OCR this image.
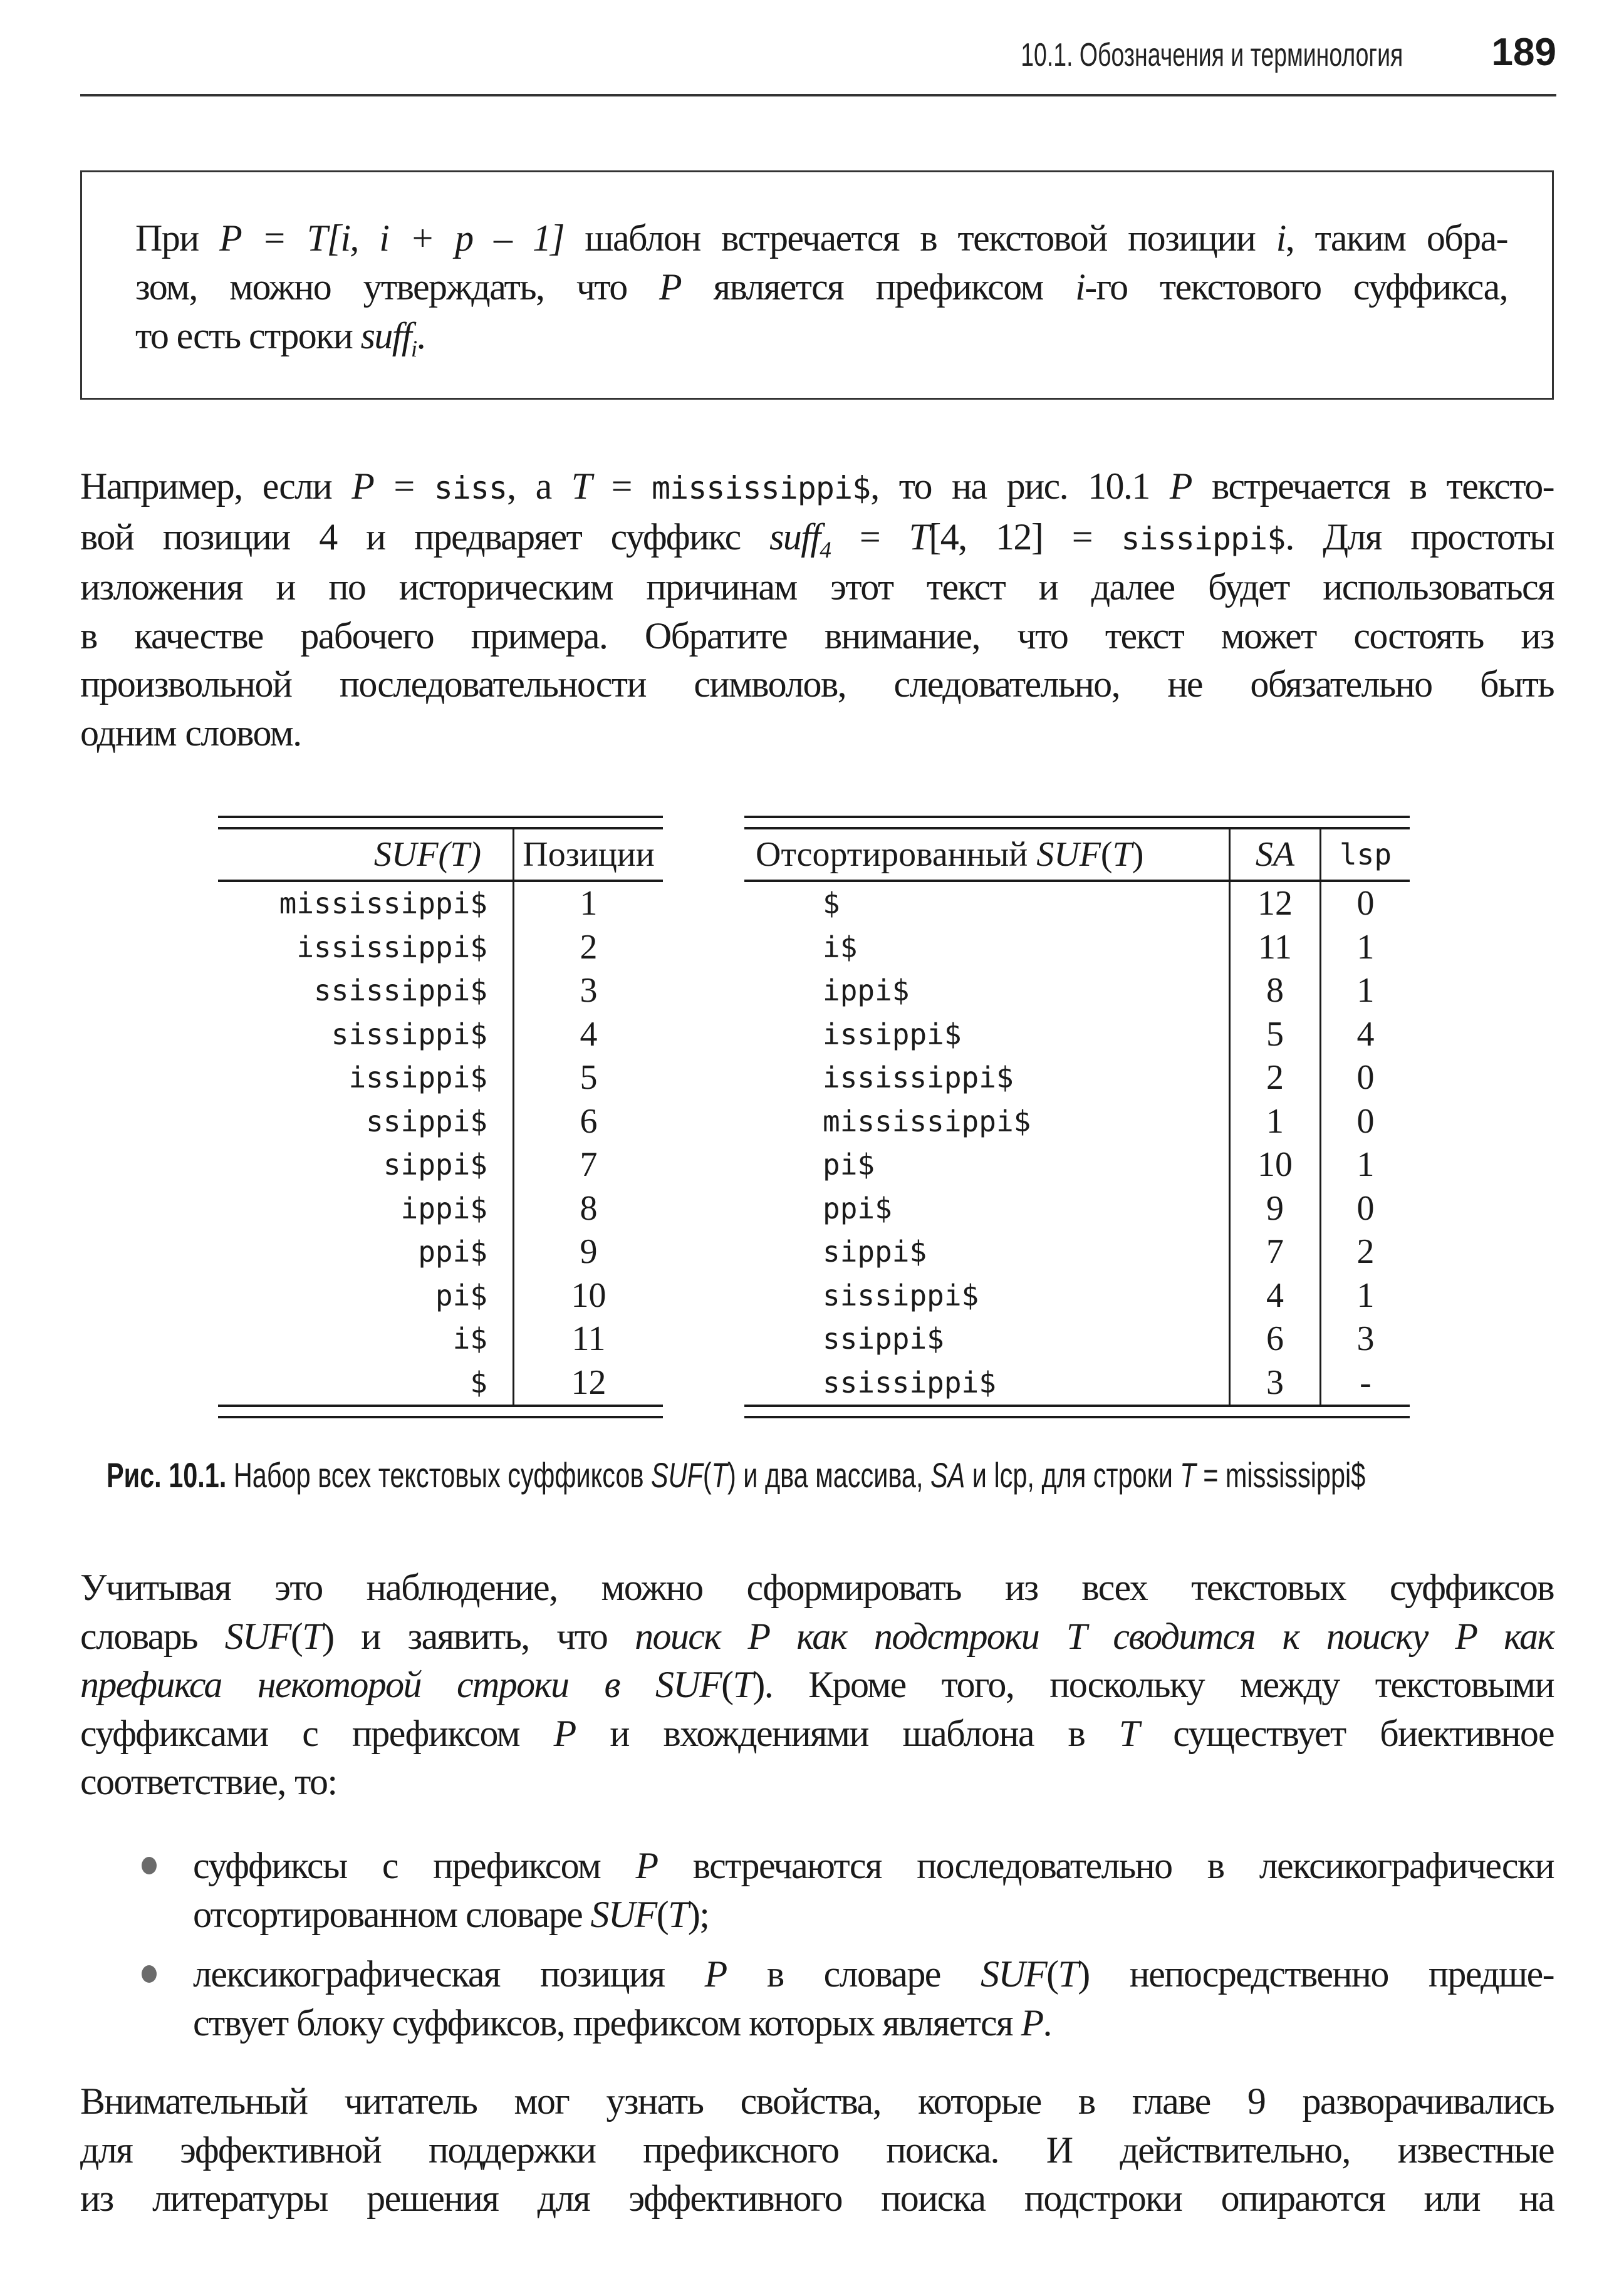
10.1. Обозначения и терминология 189
При P = T[i, i + p – 1] шаблон встречается в текстовой позиции i, таким обра-
зом, можно утверждать, что P является префиксом i-го текстового суффикса,
то есть строки suff$_i$.
Например, если P = siss, а T = mississippi$, то на рис. 10.1 P встречается в тексто-
вой позиции 4 и предваряет суффикс suff$_4$ = T[4, 12] = sissippi$. Для простоты
изложения и по историческим причинам этот текст и далее будет использоваться
в качестве рабочего примера. Обратите внимание, что текст может состоять из
произвольной последовательности символов, следовательно, не обязательно быть
одним словом.
SUF(T)	Позиции
mississippi$	1
ississippi$	2
ssissippi$	3
sissippi$	4
issippi$	5
ssippi$	6
sippi$	7
ippi$	8
ppi$	9
pi$	10
i$	11
$	12
Отсортированный SUF(T)	SA	lsp
$	12	0
i$	11	1
ippi$	8	1
issippi$	5	4
ississippi$	2	0
mississippi$	1	0
pi$	10	1
ppi$	9	0
sippi$	7	2
sissippi$	4	1
ssippi$	6	3
ssissippi$	3	-
Рис. 10.1. Набор всех текстовых суффиксов SUF(T) и два массива, SA и lcp, для строки T = mississippi$
Учитывая это наблюдение, можно сформировать из всех текстовых суффиксов
словарь SUF(T) и заявить, что поиск P как подстроки T сводится к поиску P как
префикса некоторой строки в SUF(T). Кроме того, поскольку между текстовыми
суффиксами с префиксом P и вхождениями шаблона в T существует биективное
соответствие, то:
суффиксы с префиксом P встречаются последовательно в лексикографически
отсортированном словаре SUF(T);
лексикографическая позиция P в словаре SUF(T) непосредственно предше-
ствует блоку суффиксов, префиксом которых является P.
Внимательный читатель мог узнать свойства, которые в главе 9 разворачивались
для эффективной поддержки префиксного поиска. И действительно, известные
из литературы решения для эффективного поиска подстроки опираются или на
